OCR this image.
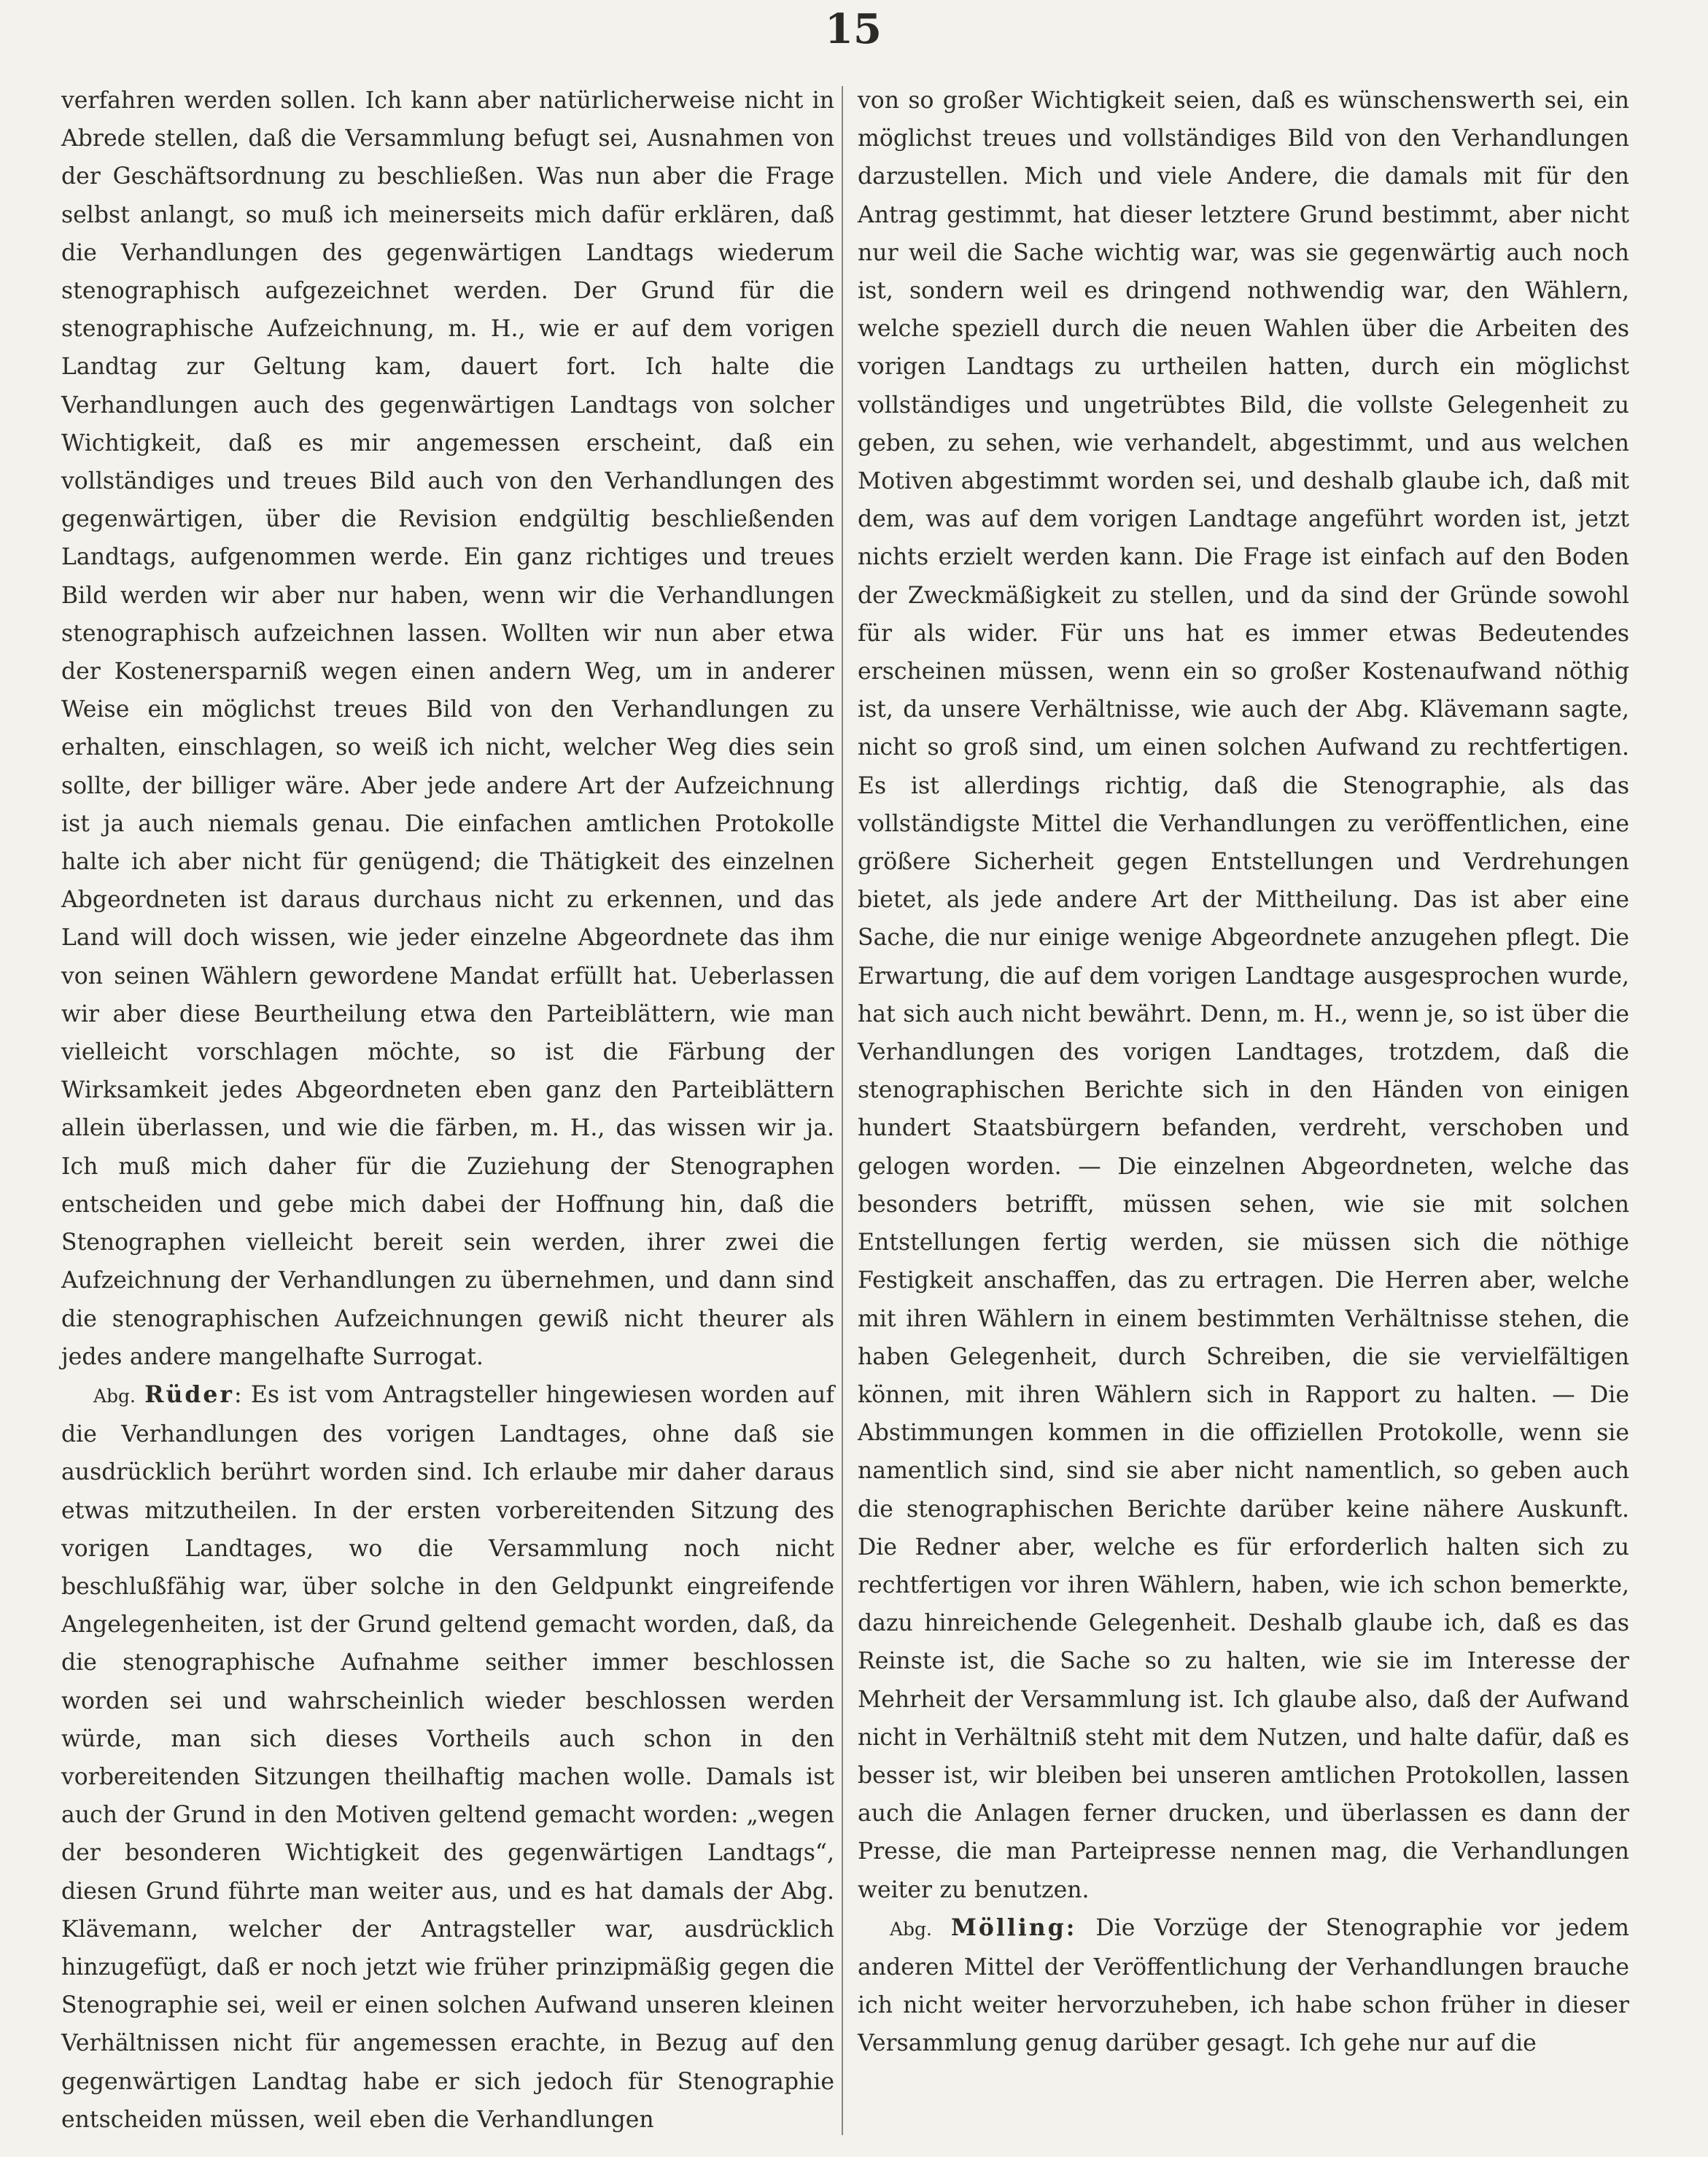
15

verfahren werden sollen. Ich kann aber natürlicherweise nicht in Abrede stellen, daß die Versammlung befugt sei, Ausnahmen von der Geschäftsordnung zu beschließen. Was nun aber die Frage selbst anlangt, so muß ich meinerseits mich dafür erklären, daß die Verhandlungen des gegenwärtigen Landtags wiederum stenographisch aufgezeichnet werden. Der Grund für die stenographische Aufzeichnung, m. H., wie er auf dem vorigen Landtag zur Geltung kam, dauert fort. Ich halte die Verhandlungen auch des gegenwärtigen Landtags von solcher Wichtigkeit, daß es mir angemessen erscheint, daß ein vollständiges und treues Bild auch von den Verhandlungen des gegenwärtigen, über die Revision endgültig beschließenden Landtags, aufgenommen werde. Ein ganz richtiges und treues Bild werden wir aber nur haben, wenn wir die Verhandlungen stenographisch aufzeichnen lassen. Wollten wir nun aber etwa der Kostenersparniß wegen einen andern Weg, um in anderer Weise ein möglichst treues Bild von den Verhandlungen zu erhalten, einschlagen, so weiß ich nicht, welcher Weg dies sein sollte, der billiger wäre. Aber jede andere Art der Aufzeichnung ist ja auch niemals genau. Die einfachen amtlichen Protokolle halte ich aber nicht für genügend; die Thätigkeit des einzelnen Abgeordneten ist daraus durchaus nicht zu erkennen, und das Land will doch wissen, wie jeder einzelne Abgeordnete das ihm von seinen Wählern gewordene Mandat erfüllt hat. Ueberlassen wir aber diese Beurtheilung etwa den Parteiblättern, wie man vielleicht vorschlagen möchte, so ist die Färbung der Wirksamkeit jedes Abgeordneten eben ganz den Parteiblättern allein überlassen, und wie die färben, m. H., das wissen wir ja. Ich muß mich daher für die Zuziehung der Stenographen entscheiden und gebe mich dabei der Hoffnung hin, daß die Stenographen vielleicht bereit sein werden, ihrer zwei die Aufzeichnung der Verhandlungen zu übernehmen, und dann sind die stenographischen Aufzeichnungen gewiß nicht theurer als jedes andere mangelhafte Surrogat.

Abg. Rüder: Es ist vom Antragsteller hingewiesen worden auf die Verhandlungen des vorigen Landtages, ohne daß sie ausdrücklich berührt worden sind. Ich erlaube mir daher daraus etwas mitzutheilen. In der ersten vorbereitenden Sitzung des vorigen Landtages, wo die Versammlung noch nicht beschlußfähig war, über solche in den Geldpunkt eingreifende Angelegenheiten, ist der Grund geltend gemacht worden, daß, da die stenographische Aufnahme seither immer beschlossen worden sei und wahrscheinlich wieder beschlossen werden würde, man sich dieses Vortheils auch schon in den vorbereitenden Sitzungen theilhaftig machen wolle. Damals ist auch der Grund in den Motiven geltend gemacht worden: „wegen der besonderen Wichtigkeit des gegenwärtigen Landtags“, diesen Grund führte man weiter aus, und es hat damals der Abg. Klävemann, welcher der Antragsteller war, ausdrücklich hinzugefügt, daß er noch jetzt wie früher prinzipmäßig gegen die Stenographie sei, weil er einen solchen Aufwand unseren kleinen Verhältnissen nicht für angemessen erachte, in Bezug auf den gegenwärtigen Landtag habe er sich jedoch für Stenographie entscheiden müssen, weil eben die Verhandlungen

von so großer Wichtigkeit seien, daß es wünschenswerth sei, ein möglichst treues und vollständiges Bild von den Verhandlungen darzustellen. Mich und viele Andere, die damals mit für den Antrag gestimmt, hat dieser letztere Grund bestimmt, aber nicht nur weil die Sache wichtig war, was sie gegenwärtig auch noch ist, sondern weil es dringend nothwendig war, den Wählern, welche speziell durch die neuen Wahlen über die Arbeiten des vorigen Landtags zu urtheilen hatten, durch ein möglichst vollständiges und ungetrübtes Bild, die vollste Gelegenheit zu geben, zu sehen, wie verhandelt, abgestimmt, und aus welchen Motiven abgestimmt worden sei, und deshalb glaube ich, daß mit dem, was auf dem vorigen Landtage angeführt worden ist, jetzt nichts erzielt werden kann. Die Frage ist einfach auf den Boden der Zweckmäßigkeit zu stellen, und da sind der Gründe sowohl für als wider. Für uns hat es immer etwas Bedeutendes erscheinen müssen, wenn ein so großer Kostenaufwand nöthig ist, da unsere Verhältnisse, wie auch der Abg. Klävemann sagte, nicht so groß sind, um einen solchen Aufwand zu rechtfertigen. Es ist allerdings richtig, daß die Stenographie, als das vollständigste Mittel die Verhandlungen zu veröffentlichen, eine größere Sicherheit gegen Entstellungen und Verdrehungen bietet, als jede andere Art der Mittheilung. Das ist aber eine Sache, die nur einige wenige Abgeordnete anzugehen pflegt. Die Erwartung, die auf dem vorigen Landtage ausgesprochen wurde, hat sich auch nicht bewährt. Denn, m. H., wenn je, so ist über die Verhandlungen des vorigen Landtages, trotzdem, daß die stenographischen Berichte sich in den Händen von einigen hundert Staatsbürgern befanden, verdreht, verschoben und gelogen worden. — Die einzelnen Abgeordneten, welche das besonders betrifft, müssen sehen, wie sie mit solchen Entstellungen fertig werden, sie müssen sich die nöthige Festigkeit anschaffen, das zu ertragen. Die Herren aber, welche mit ihren Wählern in einem bestimmten Verhältnisse stehen, die haben Gelegenheit, durch Schreiben, die sie vervielfältigen können, mit ihren Wählern sich in Rapport zu halten. — Die Abstimmungen kommen in die offiziellen Protokolle, wenn sie namentlich sind, sind sie aber nicht namentlich, so geben auch die stenographischen Berichte darüber keine nähere Auskunft. Die Redner aber, welche es für erforderlich halten sich zu rechtfertigen vor ihren Wählern, haben, wie ich schon bemerkte, dazu hinreichende Gelegenheit. Deshalb glaube ich, daß es das Reinste ist, die Sache so zu halten, wie sie im Interesse der Mehrheit der Versammlung ist. Ich glaube also, daß der Aufwand nicht in Verhältniß steht mit dem Nutzen, und halte dafür, daß es besser ist, wir bleiben bei unseren amtlichen Protokollen, lassen auch die Anlagen ferner drucken, und überlassen es dann der Presse, die man Parteipresse nennen mag, die Verhandlungen weiter zu benutzen.

Abg. Mölling: Die Vorzüge der Stenographie vor jedem anderen Mittel der Veröffentlichung der Verhandlungen brauche ich nicht weiter hervorzuheben, ich habe schon früher in dieser Versammlung genug darüber gesagt. Ich gehe nur auf die
